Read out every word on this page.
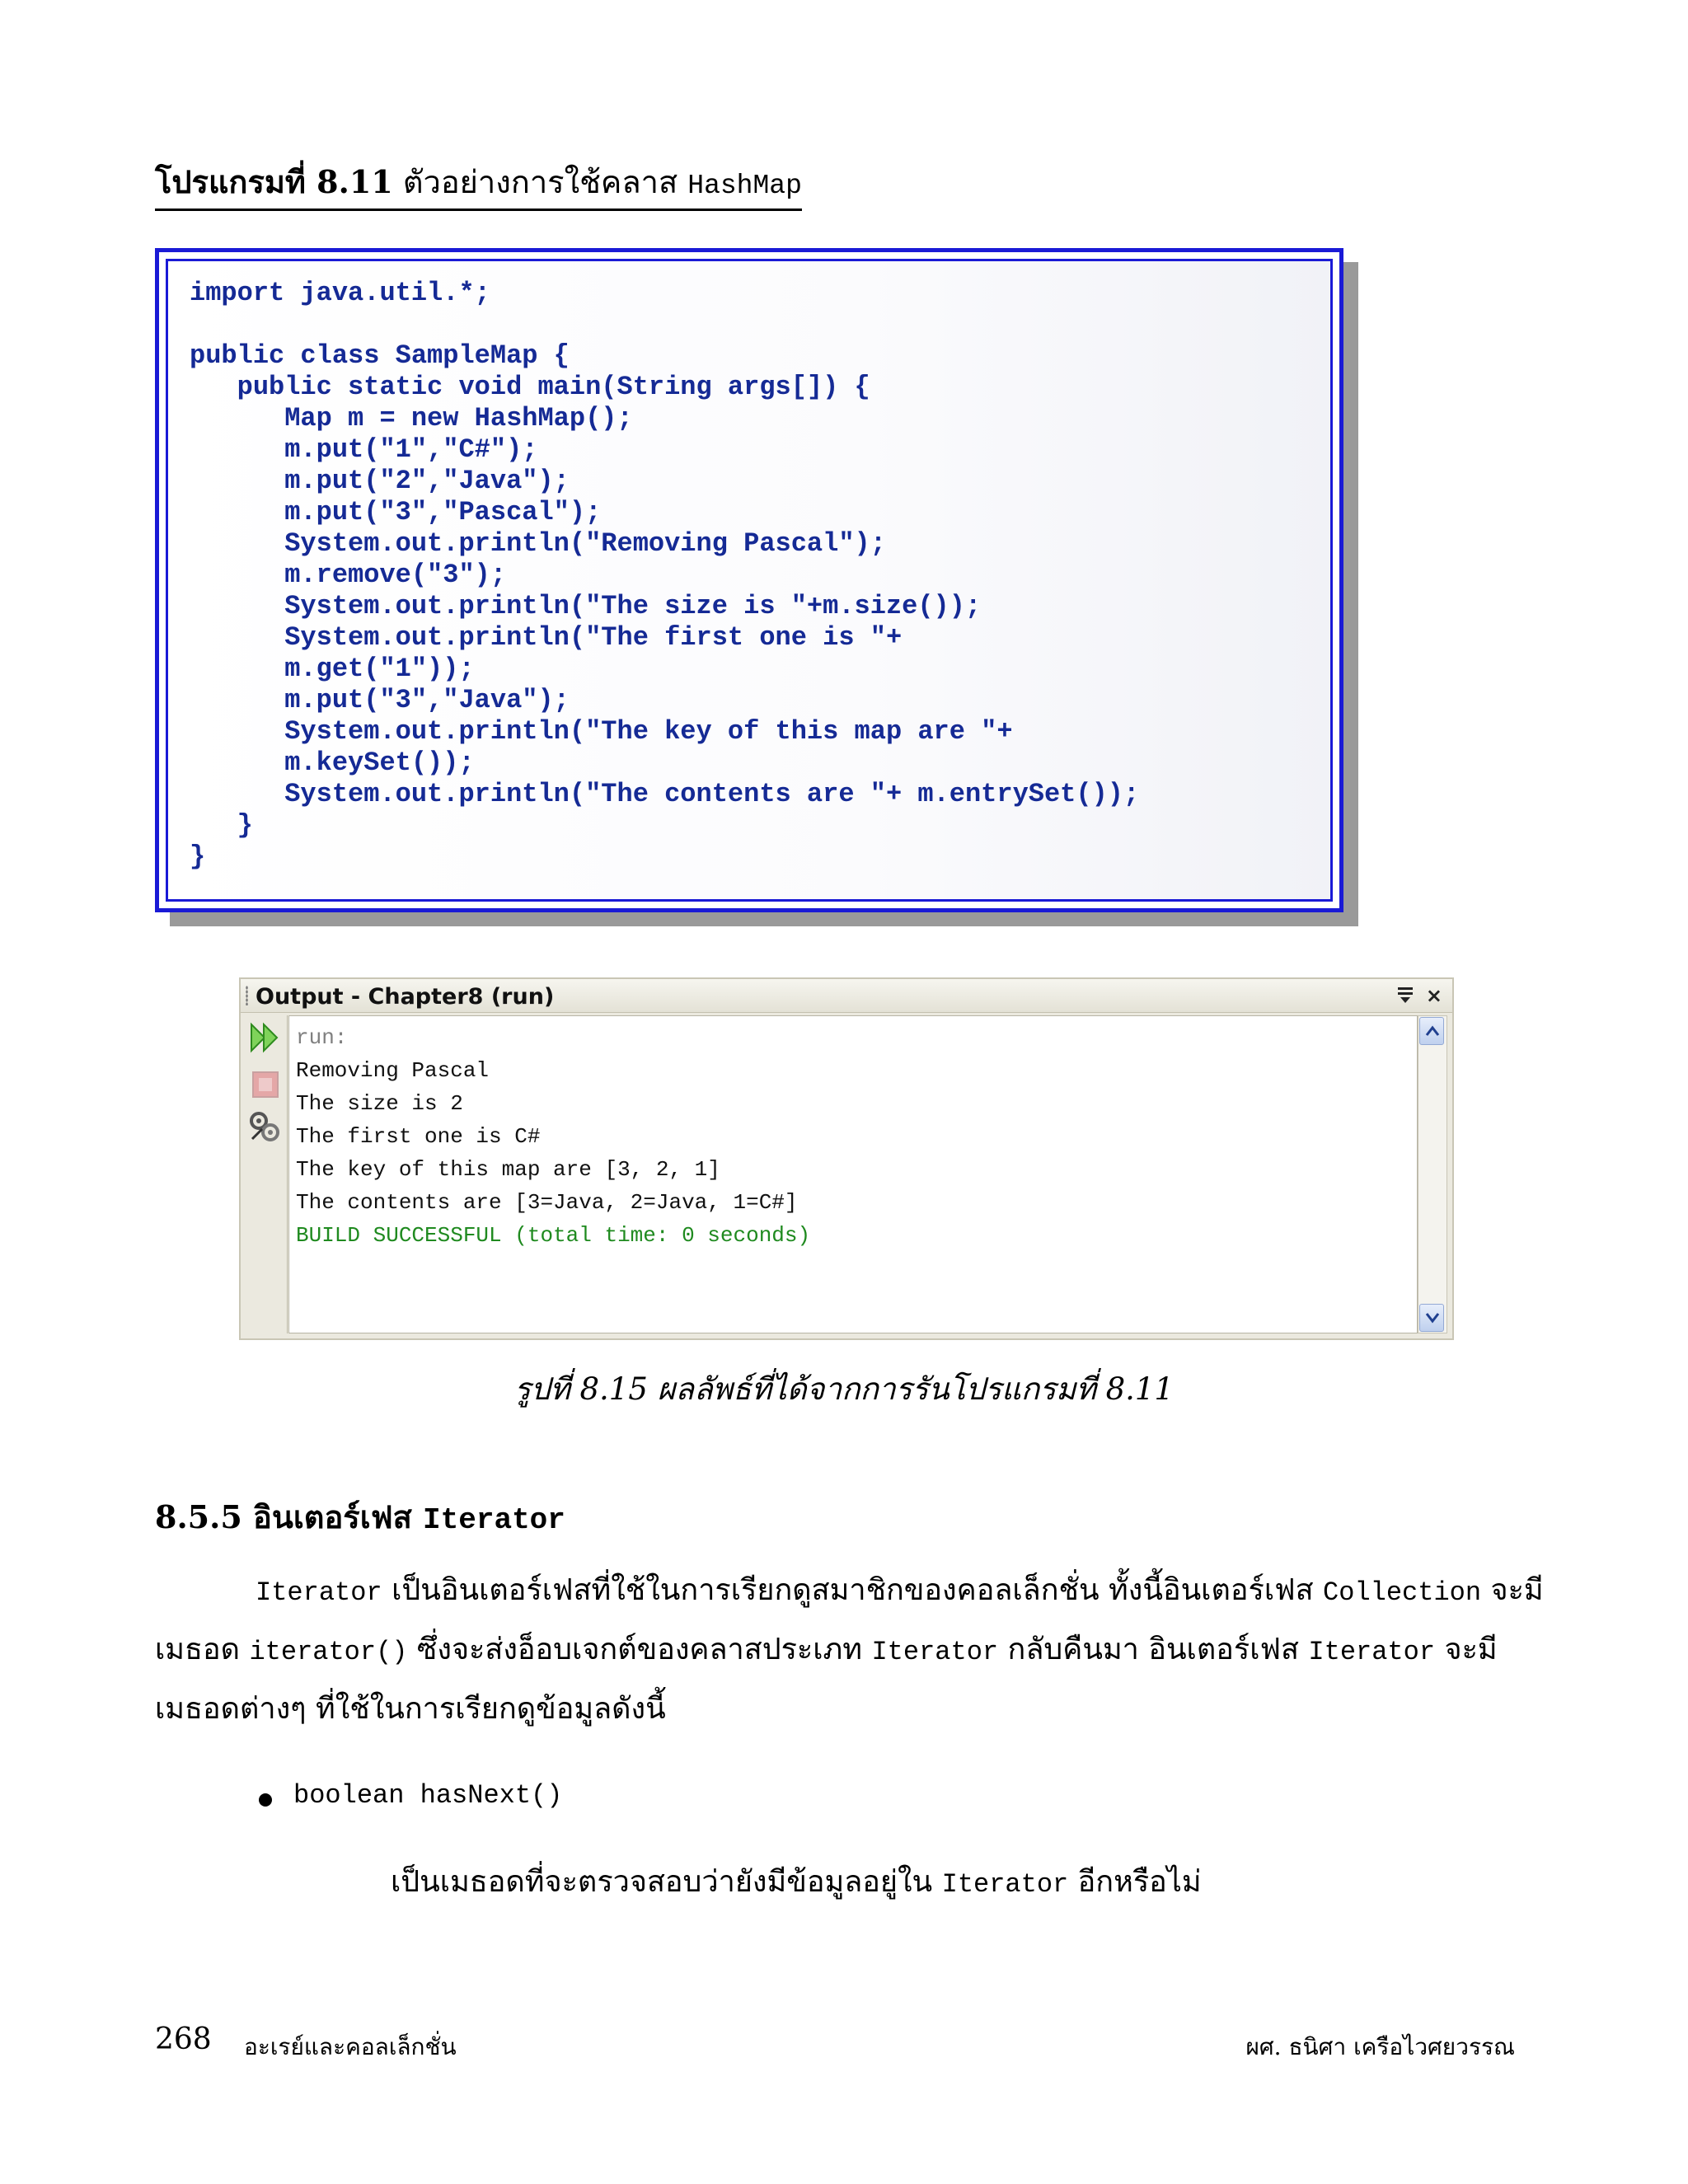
โปรแกรมที่ 8.11 ตัวอย่างการใช้คลาส HashMap
import java.util.*;

public class SampleMap {
public static void main(String args[]) {
Map m = new HashMap();
m.put("1","C#");
m.put("2","Java");
m.put("3","Pascal");
System.out.println("Removing Pascal");
m.remove("3");
System.out.println("The size is "+m.size());
System.out.println("The first one is "+
m.get("1"));
m.put("3","Java");
System.out.println("The key of this map are "+
m.keySet());
System.out.println("The contents are "+ m.entrySet());
}
}
Output - Chapter8 (run)	×
run:
Removing Pascal
The size is 2
The first one is C#
The key of this map are [3, 2, 1]
The contents are [3=Java, 2=Java, 1=C#]
BUILD SUCCESSFUL (total time: 0 seconds)
รูปที่ 8.15 ผลลัพธ์ที่ได้จากการรันโปรแกรมที่ 8.11
8.5.5 อินเตอร์เฟส Iterator
Iterator เป็นอินเตอร์เฟสที่ใช้ในการเรียกดูสมาชิกของคอลเล็กชั่น ทั้งนี้อินเตอร์เฟส Collection จะมี
เมธอด iterator() ซึ่งจะส่งอ็อบเจกต์ของคลาสประเภท Iterator กลับคืนมา อินเตอร์เฟส Iterator จะมี
เมธอดต่างๆ ที่ใช้ในการเรียกดูข้อมูลดังนี้
boolean hasNext()
เป็นเมธอดที่จะตรวจสอบว่ายังมีข้อมูลอยู่ใน Iterator อีกหรือไม่
268 อะเรย์และคอลเล็กชั่น	ผศ. ธนิศา เครือไวศยวรรณ
